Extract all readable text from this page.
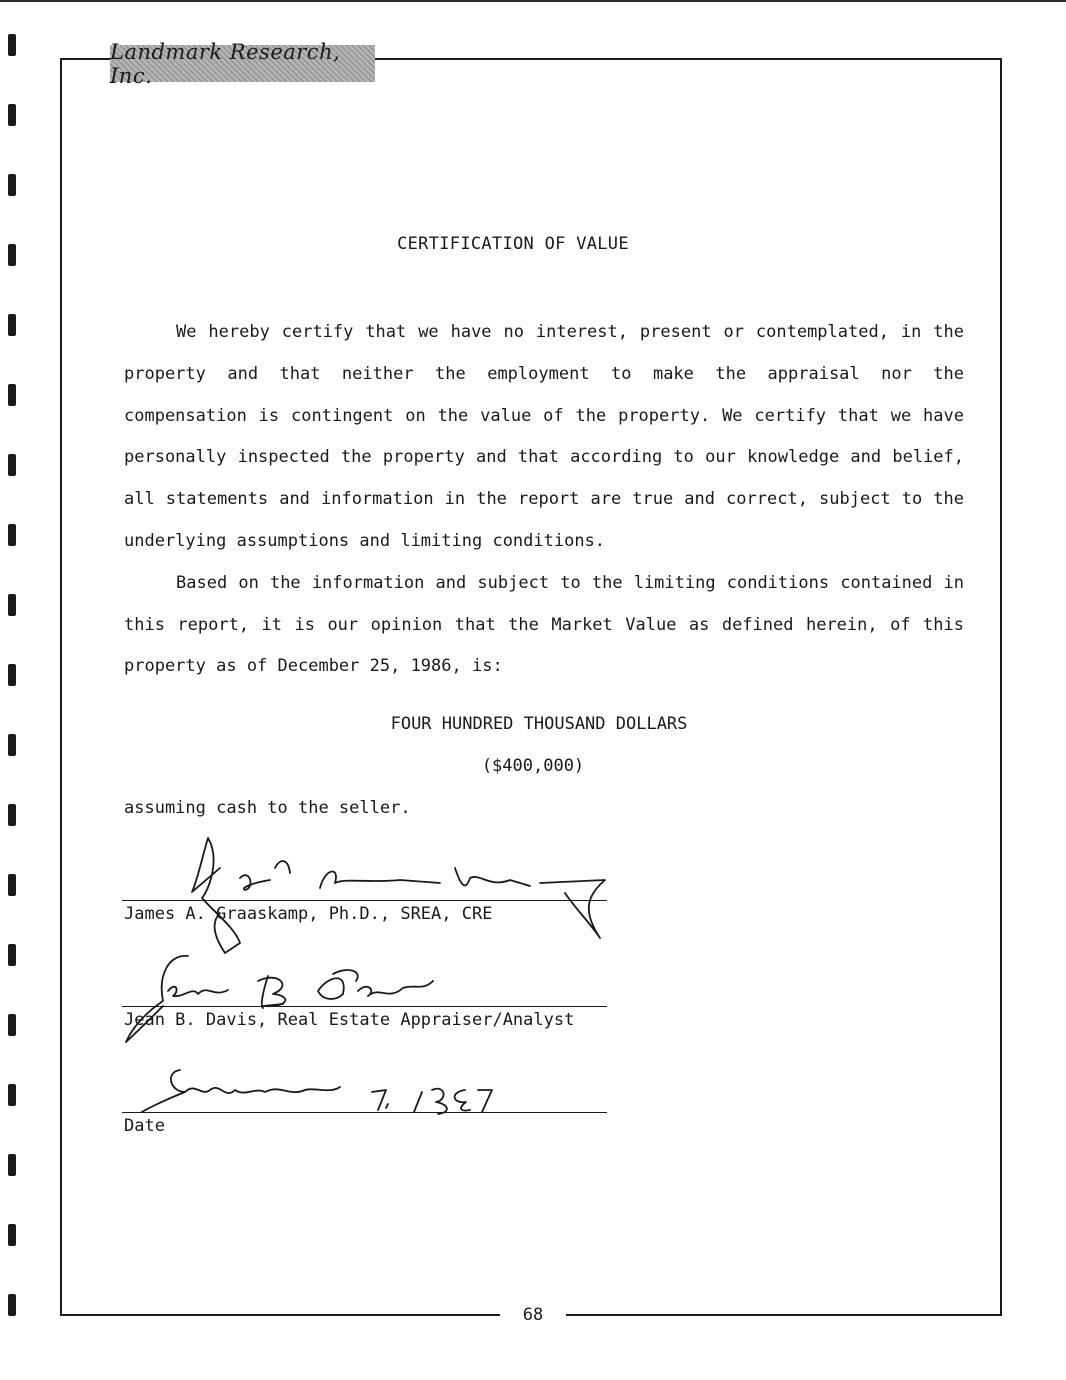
Landmark Research, Inc.
68
CERTIFICATION OF VALUE

We hereby certify that we have no interest, present or contemplated, in the property and that neither the employment to make the appraisal nor the compensation is contingent on the value of the property. We certify that we have personally inspected the property and that according to our knowledge and belief, all statements and information in the report are true and correct, subject to the underlying assumptions and limiting conditions.

Based on the information and subject to the limiting conditions contained in this report, it is our opinion that the Market Value as defined herein, of this property as of December 25, 1986, is:

FOUR HUNDRED THOUSAND DOLLARS
($400,000)
assuming cash to the seller.
James A. Graaskamp, Ph.D., SREA, CRE
Jean B. Davis, Real Estate Appraiser/Analyst
Date
